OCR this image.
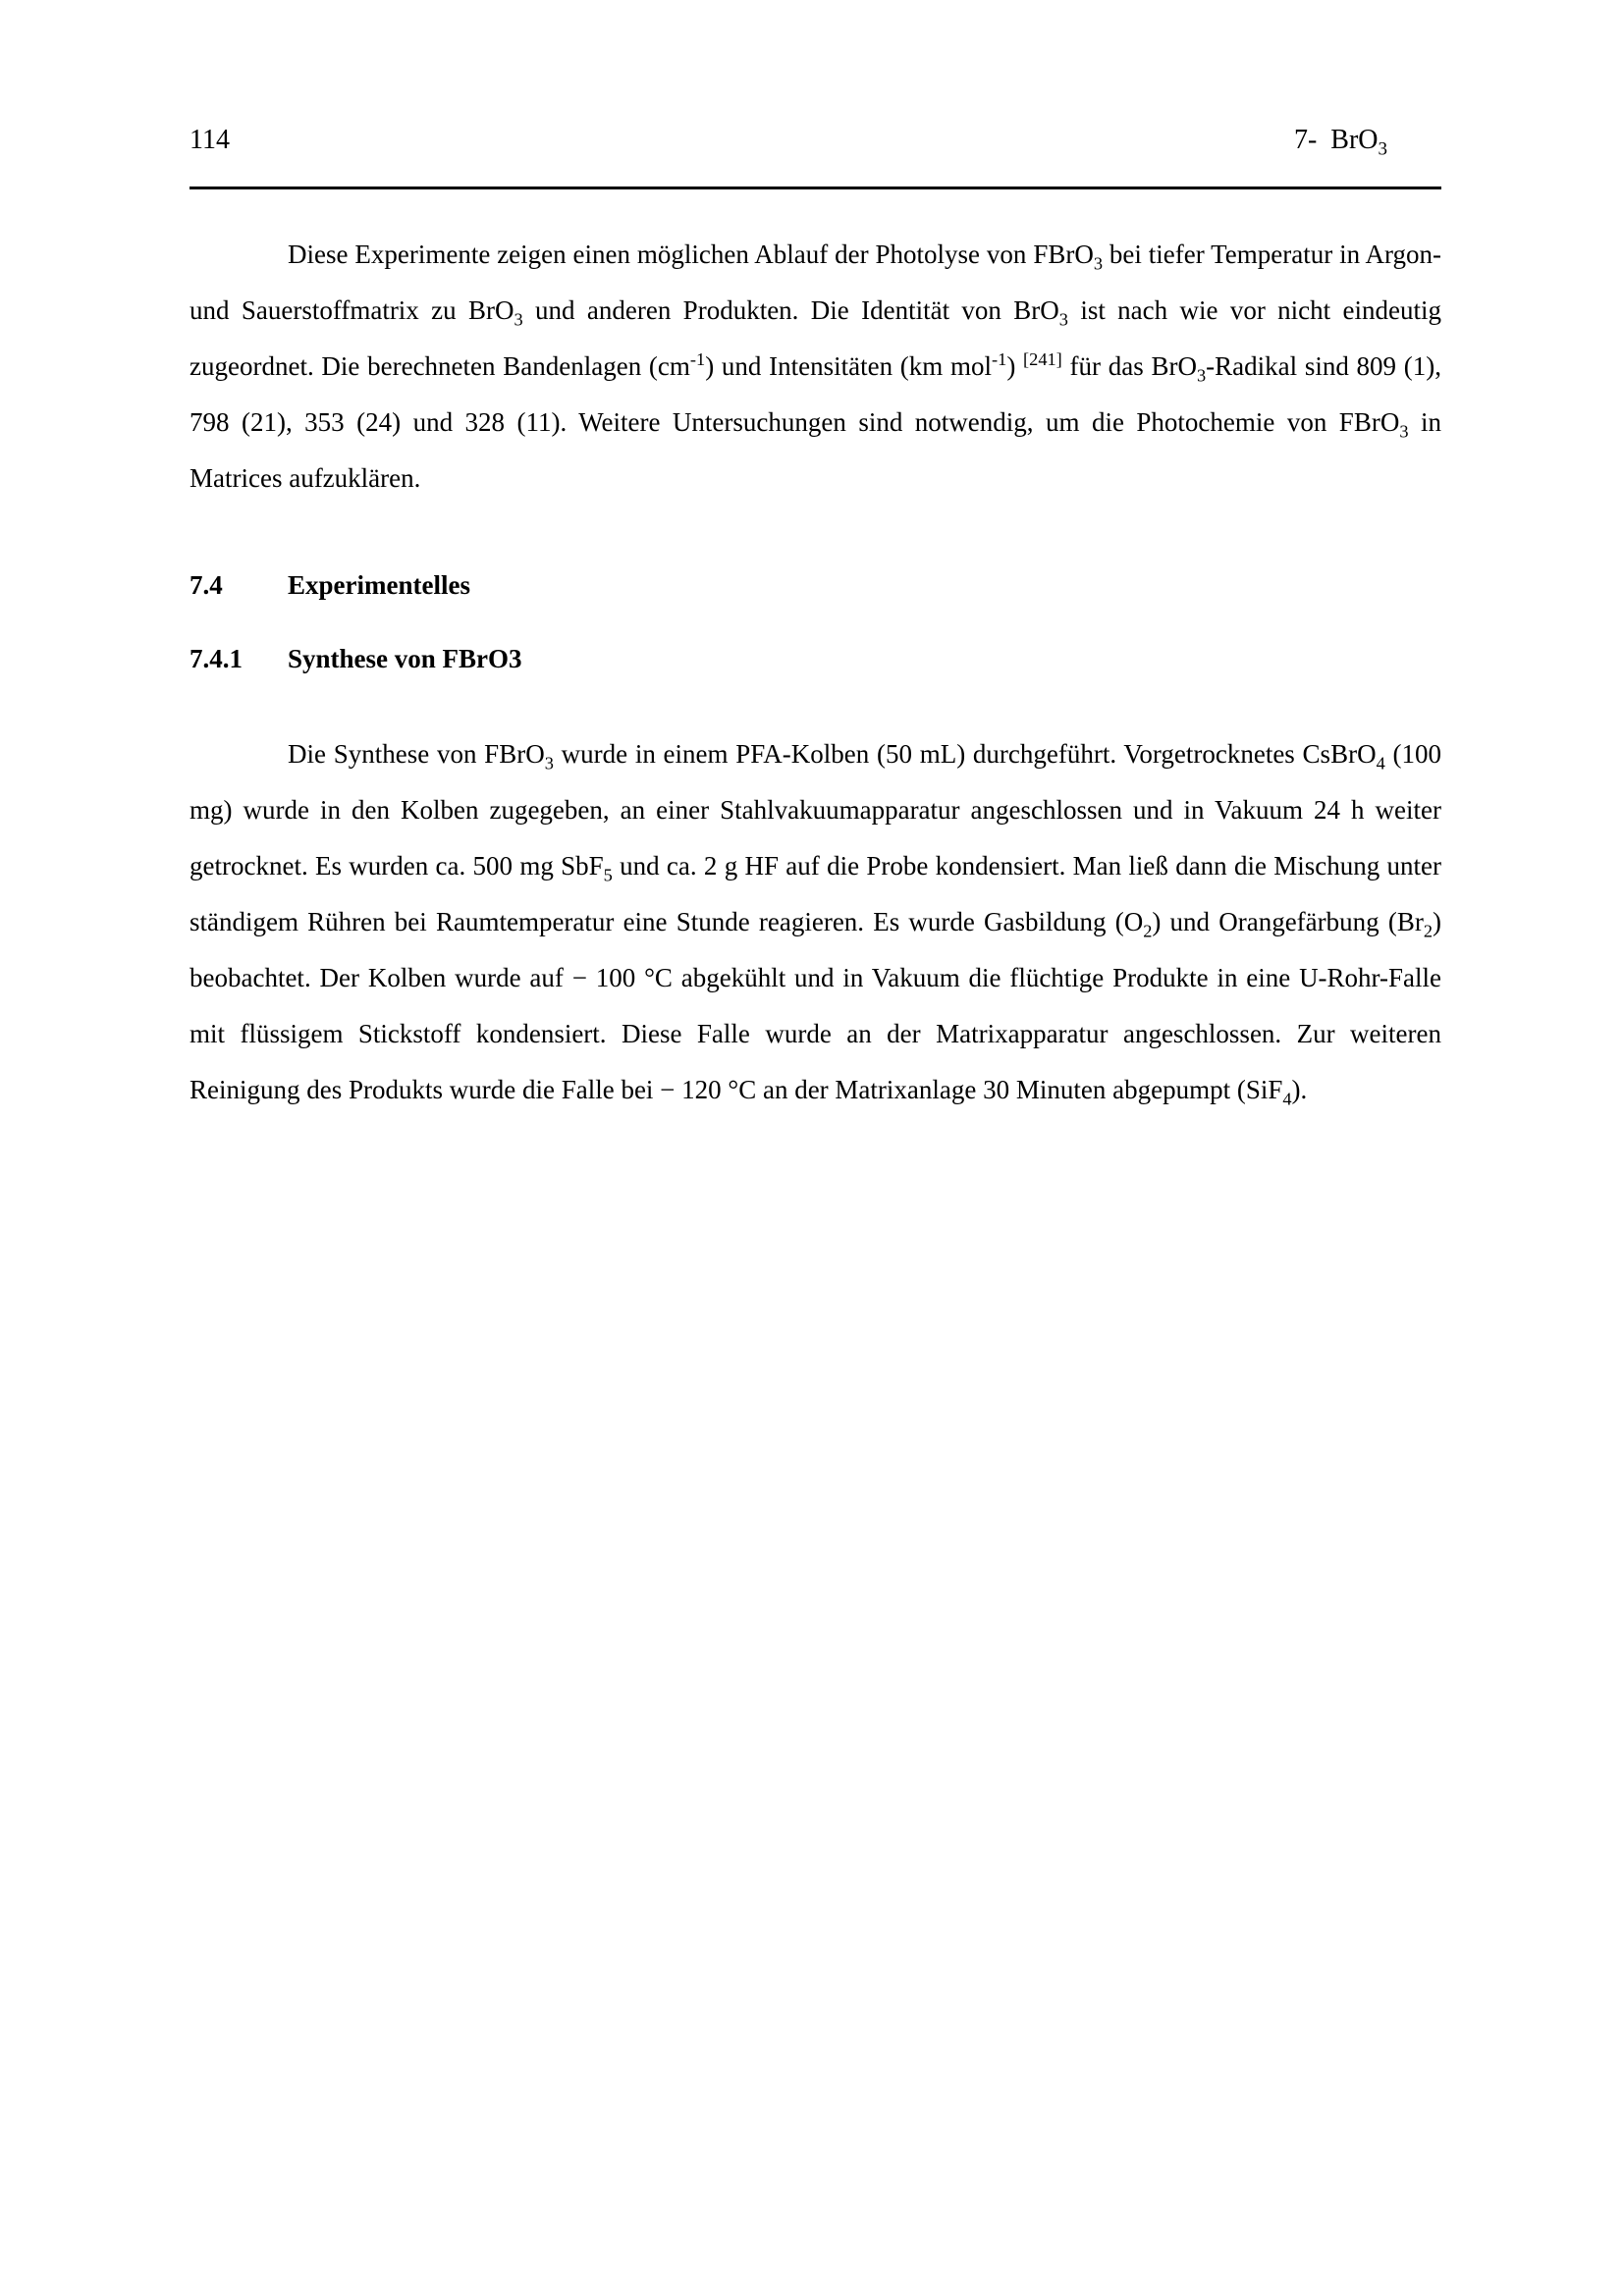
114	7-  BrO$_3$

Diese Experimente zeigen einen möglichen Ablauf der Photolyse von FBrO$_3$ bei tiefer Temperatur in Argon- und Sauerstoffmatrix zu BrO$_3$ und anderen Produkten. Die Identität von BrO$_3$ ist nach wie vor nicht eindeutig zugeordnet. Die berechneten Bandenlagen $(cm^{-1})$ und Intensitäten (km mol$^{-1}$) [241] für das BrO$_3$-Radikal sind 809 (1), 798 (21), 353 (24) und 328 (11). Weitere Untersuchungen sind notwendig, um die Photochemie von FBrO$_3$ in Matrices aufzuklären.

7.4 Experimentelles
7.4.1 Synthese von FBrO3

Die Synthese von FBrO$_3$ wurde in einem PFA-Kolben (50 mL) durchgeführt. Vorgetrocknetes CsBrO$_4$ (100 mg) wurde in den Kolben zugegeben, an einer Stahlvakuumapparatur angeschlossen und in Vakuum 24 h weiter getrocknet. Es wurden ca. 500 mg SbF$_5$ und ca. 2 g HF auf die Probe kondensiert. Man ließ dann die Mischung unter ständigem Rühren bei Raumtemperatur eine Stunde reagieren. Es wurde Gasbildung $(O_2)$ und Orangefärbung $(Br_2)$ beobachtet. Der Kolben wurde auf − 100 °C abgekühlt und in Vakuum die flüchtige Produkte in eine U-Rohr-Falle mit flüssigem Stickstoff kondensiert. Diese Falle wurde an der Matrixapparatur angeschlossen. Zur weiteren Reinigung des Produkts wurde die Falle bei − 120 °C an der Matrixanlage 30 Minuten abgepumpt (SiF$_4$).
